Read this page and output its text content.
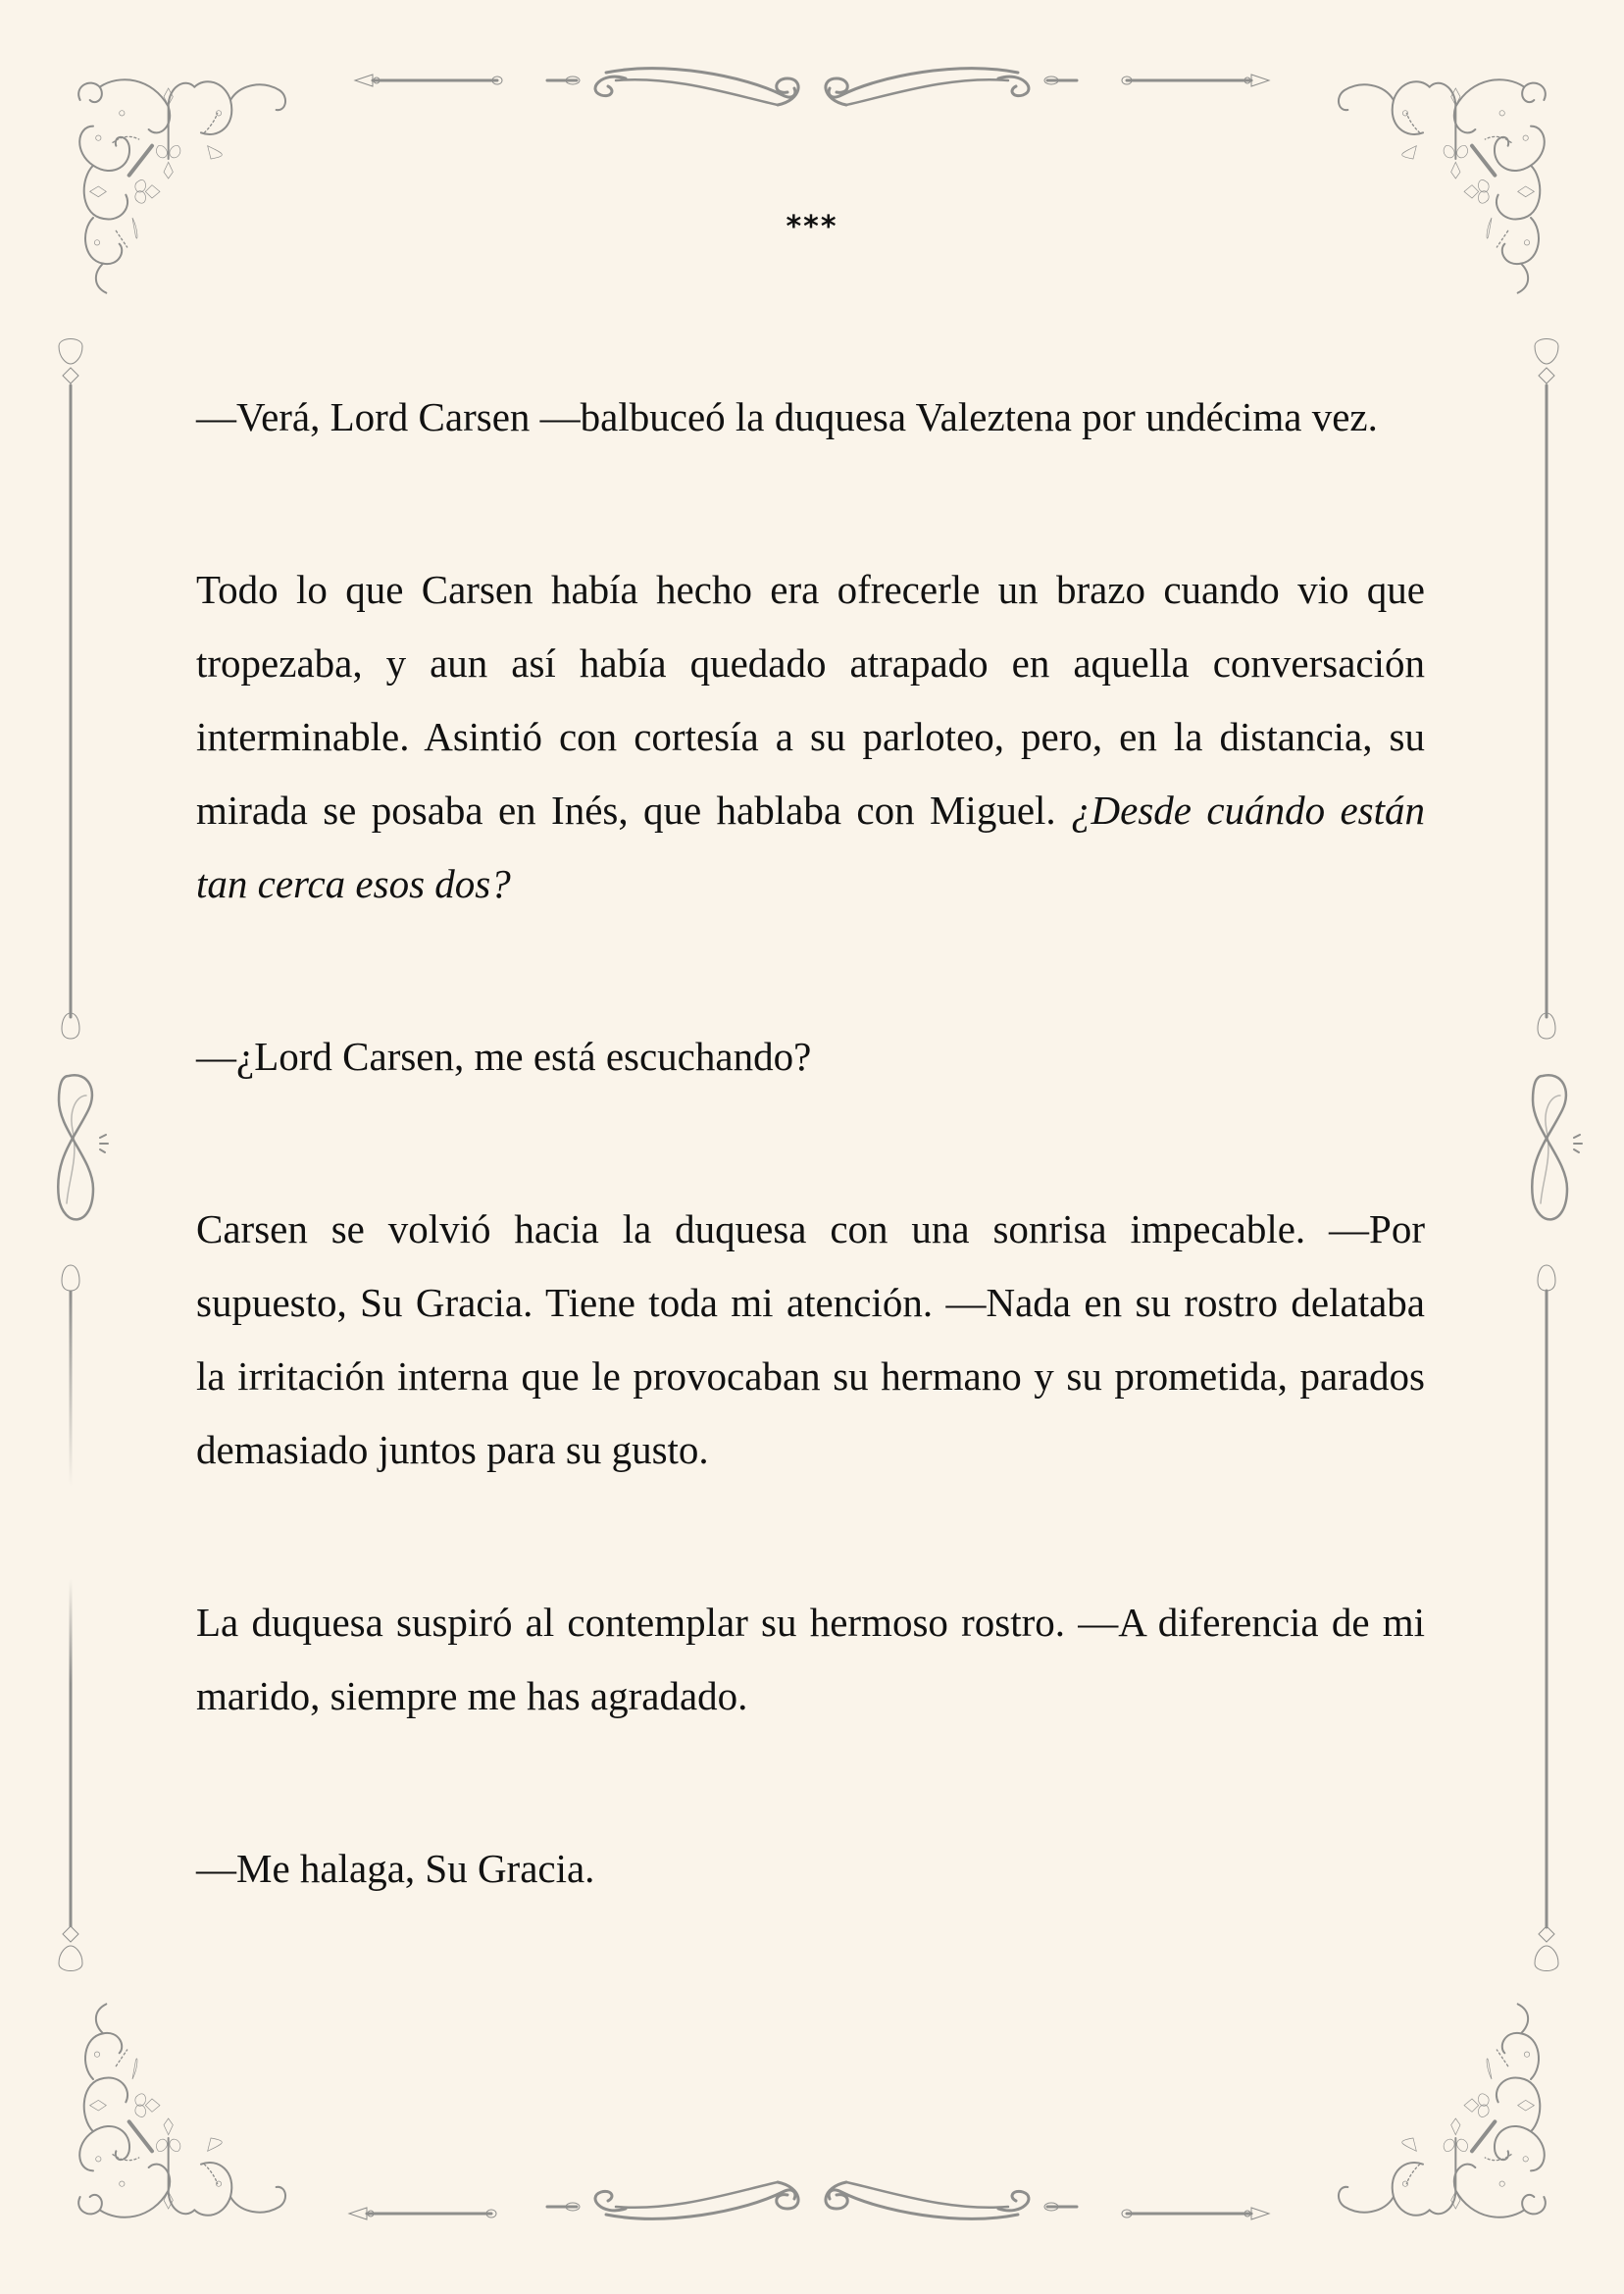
***

—Verá, Lord Carsen —balbuceó la duquesa Valeztena por undécima vez.

Todo lo que Carsen había hecho era ofrecerle un brazo cuando vio que tropezaba, y aun así había quedado atrapado en aquella conversación interminable. Asintió con cortesía a su parloteo, pero, en la distancia, su mirada se posaba en Inés, que hablaba con Miguel. ¿Desde cuándo están tan cerca esos dos?

—¿Lord Carsen, me está escuchando?

Carsen se volvió hacia la duquesa con una sonrisa impecable. —Por supuesto, Su Gracia. Tiene toda mi atención. —Nada en su rostro delataba la irritación interna que le provocaban su hermano y su prometida, parados demasiado juntos para su gusto.

La duquesa suspiró al contemplar su hermoso rostro. —A diferencia de mi marido, siempre me has agradado.

—Me halaga, Su Gracia.
